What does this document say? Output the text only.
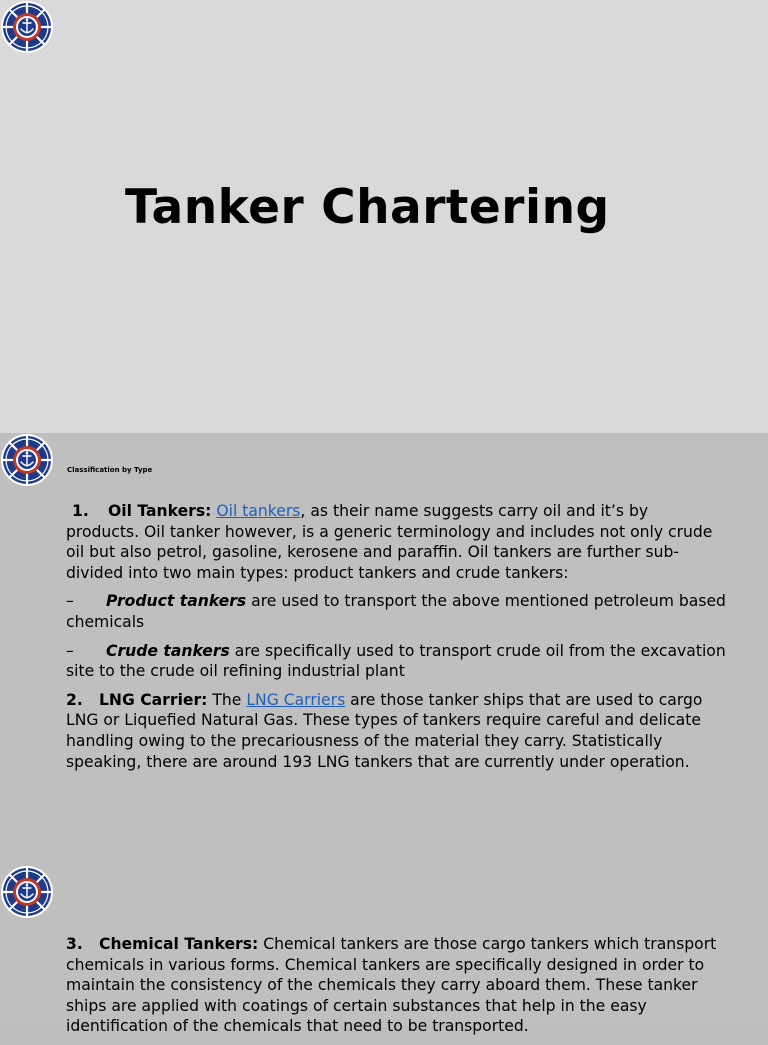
Tanker Chartering
Classification by Type

1. Oil Tankers: Oil tankers, as their name suggests carry oil and it’s by products. Oil tanker however, is a generic terminology and includes not only crude oil but also petrol, gasoline, kerosene and paraffin. Oil tankers are further sub-divided into two main types: product tankers and crude tankers:

– Product tankers are used to transport the above mentioned petroleum based chemicals

– Crude tankers are specifically used to transport crude oil from the excavation site to the crude oil refining industrial plant

2. LNG Carrier: The LNG Carriers are those tanker ships that are used to cargo LNG or Liquefied Natural Gas. These types of tankers require careful and delicate handling owing to the precariousness of the material they carry. Statistically speaking, there are around 193 LNG tankers that are currently under operation.

3. Chemical Tankers: Chemical tankers are those cargo tankers which transport chemicals in various forms. Chemical tankers are specifically designed in order to maintain the consistency of the chemicals they carry aboard them. These tanker ships are applied with coatings of certain substances that help in the easy identification of the chemicals that need to be transported.
